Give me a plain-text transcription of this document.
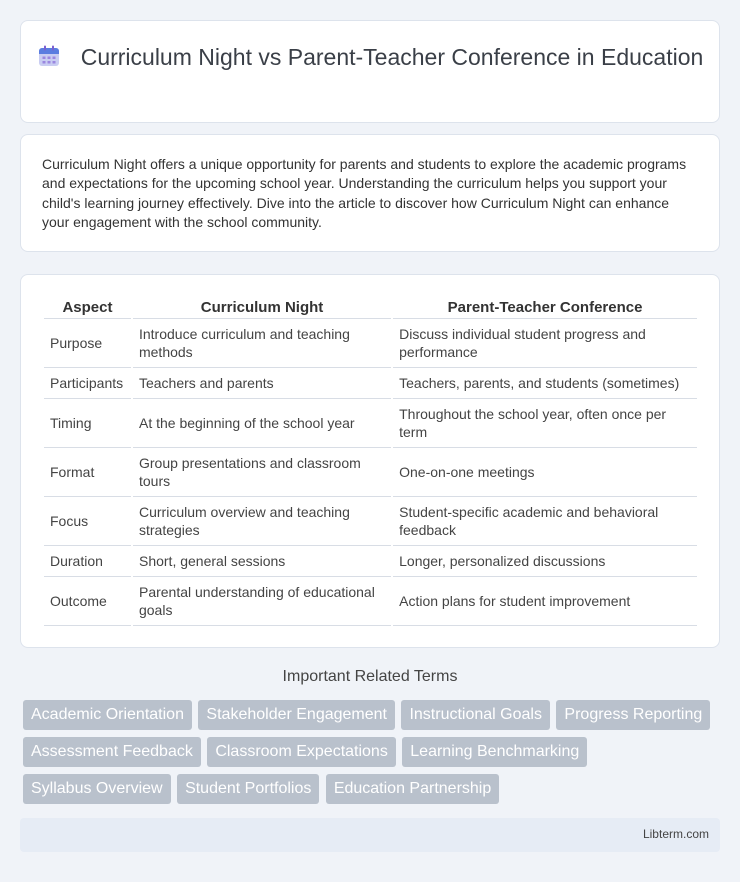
Curriculum Night vs Parent-Teacher Conference in Education

Curriculum Night offers a unique opportunity for parents and students to explore the academic programs and expectations for the upcoming school year. Understanding the curriculum helps you support your child's learning journey effectively. Dive into the article to discover how Curriculum Night can enhance your engagement with the school community.

Aspect	Curriculum Night	Parent-Teacher Conference
Purpose	Introduce curriculum and teaching methods	Discuss individual student progress and performance
Participants	Teachers and parents	Teachers, parents, and students (sometimes)
Timing	At the beginning of the school year	Throughout the school year, often once per term
Format	Group presentations and classroom tours	One-on-one meetings
Focus	Curriculum overview and teaching strategies	Student-specific academic and behavioral feedback
Duration	Short, general sessions	Longer, personalized discussions
Outcome	Parental understanding of educational goals	Action plans for student improvement
Important Related Terms
Academic Orientation Stakeholder Engagement Instructional Goals Progress Reporting
Assessment Feedback Classroom Expectations Learning Benchmarking
Syllabus Overview Student Portfolios Education Partnership
Libterm.com
